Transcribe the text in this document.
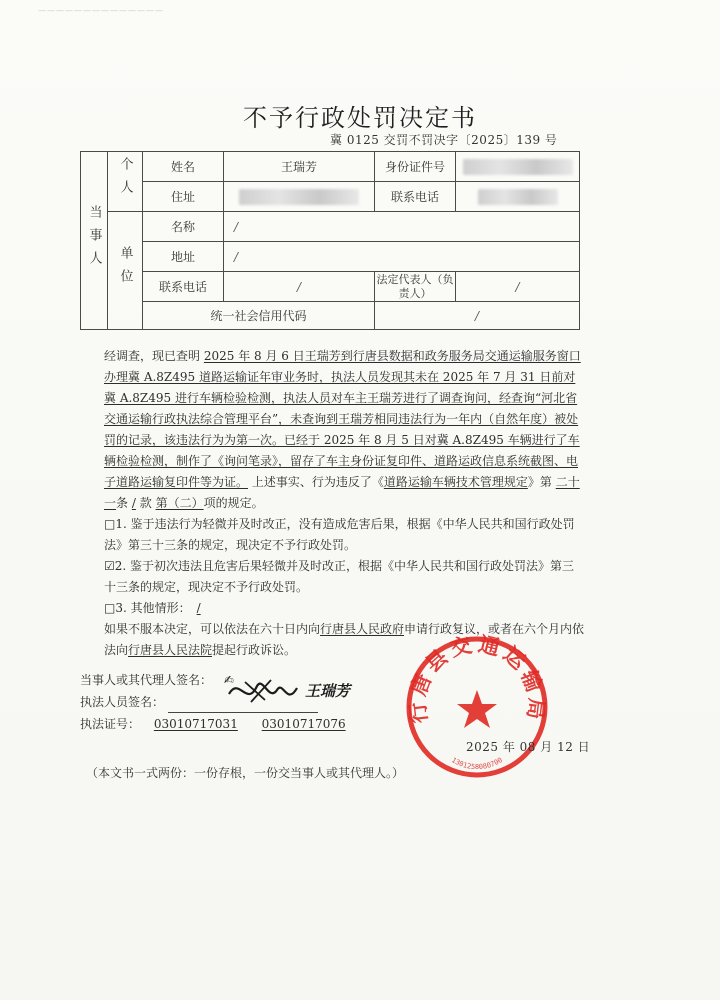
——————————————
不予行政处罚决定书
冀 0125 交罚不罚决字〔2025〕139 号
当事人	个人	姓名	王瑞芳	身份证件号	
		住址		联系电话	
	单位	名称	/		
		地址	/		
		联系电话	/	法定代表人（负责人）	/
		统一社会信用代码		/	

经调查，现已查明 2025 年 8 月 6 日王瑞芳到行唐县数据和政务服务局交通运输服务窗口办理冀 A.8Z495 道路运输证年审业务时，执法人员发现其未在 2025 年 7 月 31 日前对冀 A.8Z495 进行车辆检验检测，执法人员对车主王瑞芳进行了调查询问，经查询“河北省交通运输行政执法综合管理平台”，未查询到王瑞芳相同违法行为一年内（自然年度）被处罚的记录，该违法行为为第一次。已经于 2025 年 8 月 5 日对冀 A.8Z495 车辆进行了车辆检验检测，制作了《询问笔录》，留存了车主身份证复印件、道路运政信息系统截图、电子道路运输复印件等为证。 上述事实、行为违反了《道路运输车辆技术管理规定》第 二十一条 / 款 第（二）项的规定。

□1. 鉴于违法行为轻微并及时改正，没有造成危害后果，根据《中华人民共和国行政处罚法》第三十三条的规定，现决定不予行政处罚。

☑2. 鉴于初次违法且危害后果轻微并及时改正，根据《中华人民共和国行政处罚法》第三十三条的规定，现决定不予行政处罚。

□3. 其他情形： /

如果不服本决定，可以依法在六十日内向行唐县人民政府申请行政复议，或者在六个月内依法向行唐县人民法院提起行政诉讼。

当事人或其代理人签名： ✍
执法人员签名：
执法证号： 03010717031 03010717076
王瑞芳
行唐县交通运输局
1301258080700
2025 年 08 月 12 日
（本文书一式两份：一份存根，一份交当事人或其代理人。）
